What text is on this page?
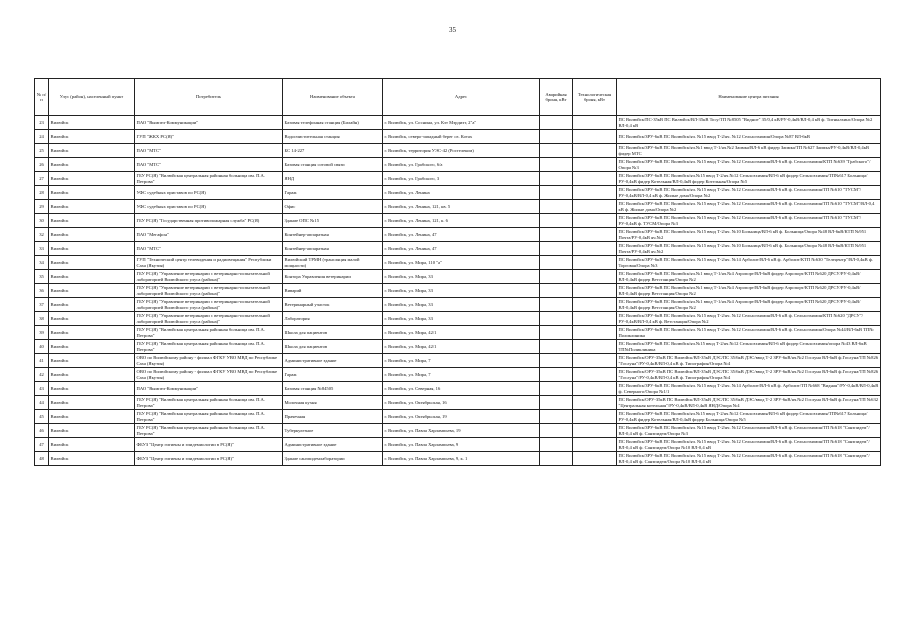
35
№ п/п	Улус (район), населенный пункт	Потребитель	Наименование объекта	Адрес	Аварийная броня, кВт	Технологическая броня, кВт	Наименование центра питания
23	Вилюйск	ПАО "Вымпел-Коммуникации"	Базовая телефонная станция (Билайн)	г. Вилюйск, ул. Соснина, ул. Кэт Мэрдиэт, 2"а"			ПС Вилюйск/ПС-35кВ ПС Вилюйск/ВЛ-35кВ Тосу/ТП №8505 "Видное" 35/0,4 кВ/РУ-0,4кВ/ВЛ-0,4 кВ ф. Тигнылхинс/Опора №2 ВЛ-0,4 кВ
24	Вилюйск	ГУП "ЖКХ РС(Я)"	Водоочистительная станция	г. Вилюйск, северо-западный берег оз. Котах			ПС Вилюйск/ЗРУ-6кВ ПС Вилюйск/яч. №15 ввод Т-2/яч. №12 Сельхозхимия/Опора №87 ВЛ-6кВ
25	Вилюйск	ПАО "МТС"	БС 14-227	г. Вилюйск, территория УЭС-42 (Ростелеком)			ПС Вилюйск/ЗРУ-6кВ ПС Вилюйск/яч.№1 ввод Т-1/яч.№2 Заимка/ВЛ-6 кВ фидер Заимка/ТП №627 Заимка/РУ-0,4кВ/ВЛ-0,4кВ фидер МТС
26	Вилюйск	ПАО "МТС"	Базовая станция сотовой связи	г. Вилюйск, ул. Грабского, 6/а			ПС Вилюйск/ЗРУ-6кВ ПС Вилюйск/яч. №15 ввод Т-2/яч. №12 Сельхозхимия/ВЛ-6 кВ ф. Сельхозхимия/КТП №639 "Грабского"/Опора №3
27	Вилюйск	ГБУ РС(Я) "Вилюйская центральная районная больница им. П.А. Петрова"	ЯНД	г. Вилюйск, ул. Грабского, 3			ПС Вилюйск/ЗРУ-6кВ ПС Вилюйск/яч.№15 ввод Т-2/яч.№12 Сельхозхимия/ВЛ-6 кВ фидер Сельхозхимия/ТП№617 Больница/РУ-0,4кВ фидер Котельная/ВЛ-0,4кВ фидер Котельная/Опора №5
28	Вилюйск	УФС судебных приставов по РС(Я)	Гараж	г. Вилюйск, ул. Ленина			ПС Вилюйск/ЗРУ-6кВ ПС Вилюйск/яч. №15 ввод Т-2/яч. №12 Сельхозхимия/ВЛ-6 кВ ф. Сельхозхимия/ТП №610 "ТУСМ"/РУ-0,4кВ/ВЛ-0,4 кВ ф. Жилые дома/Опора №2
29	Вилюйск	УФС судебных приставов по РС(Я)	Офис	г. Вилюйск, ул. Ленина, 121, кв. 5			ПС Вилюйск/ЗРУ-6кВ ПС Вилюйск/яч. №15 ввод Т-2/яч. №12 Сельхозхимия/ВЛ-6 кВ ф. Сельхозхимия/ТП №610 "ТУСМ"/ВЛ-0,4 кВ ф. Жилые дома/Опора №2
30	Вилюйск	ГБУ РС(Я) "Государственная противопожарная служба" РС(Я)	Здание ОПС №15	г. Вилюйск, ул. Ленина, 121, к. 6			ПС Вилюйск/ЗРУ-6кВ ПС Вилюйск/яч. №15 ввод Т-2/яч. №12 Сельхозхимия/ВЛ-6 кВ ф. Сельхозхимия/ТП №610 "ТУСМ"/РУ-0,4кВ ф. ТУСМ/Опора №3
32	Вилюйск	ПАО "Мегафон"	Контейнер-аппаратная	г. Вилюйск, ул. Ленина, 47			ПС Вилюйск/ЗРУ-6кВ ПС Вилюйск/яч. №15 ввод Т-2/яч. №10 Больница/ВЛ-6 кВ ф. Больница/Опора №48 ВЛ-6кВ/КТП №951 Почта/РУ-0,4кВ яч.№2
33	Вилюйск	ПАО "МТС"	Контейнер-аппаратная	г. Вилюйск, ул. Ленина, 47			ПС Вилюйск/ЗРУ-6кВ ПС Вилюйск/яч. №15 ввод Т-2/яч. №10 Больница/ВЛ-6 кВ ф. Больница/Опора №48 ВЛ-6кВ/КТП №951 Почта/РУ-0,4кВ яч.№2
34	Вилюйск	ГУП "Технический центр телевидения и радиовещания" Республики Саха (Якутия)	Вилюйский ТРМН (трансляция малой мощности)	г. Вилюйск, ул. Мира, 110 "а"			ПС Вилюйск/ЗРУ-6кВ ПС Вилюйск/яч. №15 ввод Т-2/яч. №14 Арболит/ВЛ-6 кВ ф. Арболит/КТП №630 "Телецентр"/ВЛ-0,4кВ ф. Торговая/Опора №3
35	Вилюйск	ГБУ РС(Я) "Управление ветеринарии с ветеринарно-испытательной лабораторией Вилюйского улуса (района)"	Контора Управления ветеринарии	г. Вилюйск, ул. Мира, 33			ПС Вилюйск/ЗРУ-6кВ ПС Вилюйск/яч.№1 ввод Т-1/яч.№4 Аэропорт/ВЛ-6кВ фидер Аэропорт/КТП №620 ДРСУ/РУ-0,4кВ/ВЛ-0,4кВ фидер Ветстанция/Опора №2
36	Вилюйск	ГБУ РС(Я) "Управление ветеринарии с ветеринарно-испытательной лабораторией Вилюйского улуса (района)"	Виварий	г. Вилюйск, ул. Мира, 33			ПС Вилюйск/ЗРУ-6кВ ПС Вилюйск/яч.№1 ввод Т-1/яч.№4 Аэропорт/ВЛ-6кВ фидер Аэропорт/КТП №620 ДРСУ/РУ-0,4кВ/ВЛ-0,4кВ фидер Ветстанция/Опора №2
37	Вилюйск	ГБУ РС(Я) "Управление ветеринарии с ветеринарно-испытательной лабораторией Вилюйского улуса (района)"	Ветеринарный участок	г. Вилюйск, ул. Мира, 33			ПС Вилюйск/ЗРУ-6кВ ПС Вилюйск/яч.№1 ввод Т-1/яч.№4 Аэропорт/ВЛ-6кВ фидер Аэропорт/КТП №620 ДРСУ/РУ-0,4кВ/ВЛ-0,4кВ фидер Ветстанция/Опора №2
38	Вилюйск	ГБУ РС(Я) "Управление ветеринарии с ветеринарно-испытательной лабораторией Вилюйского улуса (района)"	Лаборатория	г. Вилюйск, ул. Мира, 33			ПС Вилюйск/ЗРУ-6кВ ПС Вилюйск/яч. №15 ввод Т-2/яч. №12 Сельхозхимия/ВЛ-6 кВ ф. Сельхозхимия/КТП №620 "ДРСУ"/РУ-0,4кВ/ВЛ-0,4 кВ ф. Ветстанция/Опора №2
39	Вилюйск	ГБУ РС(Я) "Вилюйская центральная районная больница им. П.А. Петрова"	Школа для пациентов	г. Вилюйск, ул. Мира, 42/1			ПС Вилюйск/ЗРУ-6кВ ПС Вилюйск/яч. №15 ввод Т-2/яч. №12 Сельхозхимия/ВЛ-6 кВ ф. Сельхозхимия/Опора №44/ВЛ-6кВ ТП№ Поликлиника
40	Вилюйск	ГБУ РС(Я) "Вилюйская центральная районная больница им. П.А. Петрова"	Школа для пациентов	г. Вилюйск, ул. Мира, 42/1			ПС Вилюйск/ЗРУ-6кВ ПС Вилюйск/яч.№15 ввод Т-2/яч.№12 Сельхозхимия/ВЛ-6 кВ фидер Сельхозхимия/опора №43 ВЛ-6кВ ТП№Поликлиника
41	Вилюйск	ОВО по Вилюйскому району - филиал ФГКУ УВО МВД по Республике Саха (Якутия)	Административное здание	г. Вилюйск, ул. Мира, 7			ПС Вилюйск/ОРУ-35кВ ПС Вилюйск/ВЛ-35кВ ДЭС/ПС 35/6кВ ДЭС/ввод Т-2 ЗРУ-6кВ/яч.№2 Гослуна ВЛ-6кВ ф.Гослуна/ТП №826 "Гослуна"/РУ-0,4кВ/ВЛ-0,4 кВ ф. Типография/Опора №4
42	Вилюйск	ОВО по Вилюйскому району - филиал ФГКУ УВО МВД по Республике Саха (Якутия)	Гараж	г. Вилюйск, ул. Мира, 7			ПС Вилюйск/ОРУ-35кВ ПС Вилюйск/ВЛ-35кВ ДЭС/ПС 35/6кВ ДЭС/ввод Т-2 ЗРУ-6кВ/яч.№2 Гослуна ВЛ-6кВ ф.Гослуна/ТП №826 "Гослуна"/РУ-0,4кВ/ВЛ-0,4 кВ ф. Типография/Опора №4
43	Вилюйск	ПАО "Вымпел-Коммуникации"	Базовая станция №84505	г. Вилюйск, ул. Северная, 16			ПС Вилюйск/ЗРУ-6кВ ПС Вилюйск/яч. №15 ввод Т-2/яч. №14 Арболит/ВЛ-6 кВ ф. Арболит/ТП №668 "Видная"/РУ-0,4кВ/ВЛ-0,4кВ ф. Северного/Опора №1/1
44	Вилюйск	ГБУ РС(Я) "Вилюйская центральная районная больница им. П.А. Петрова"	Молочная кухня	г. Вилюйск, ул. Октябрьская, 16			ПС Вилюйск/ОРУ-35кВ ПС Вилюйск/ВЛ-35кВ ДЭС/ПС 35/6кВ ДЭС/ввод Т-2 ЗРУ-6кВ/яч.№2 Гослуна ВЛ-6кВ ф.Гослуна/ТП №632 "Центральная котельная"/РУ-0,4кВ/ВЛ-0,4кВ ЯНД/Опора №4
45	Вилюйск	ГБУ РС(Я) "Вилюйская центральная районная больница им. П.А. Петрова"	Прачечная	г. Вилюйск, ул. Октябрьская, 19			ПС Вилюйск/ЗРУ-6кВ ПС Вилюйск/яч.№15 ввод Т-2/яч.№12 Сельхозхимия/ВЛ-6 кВ фидер Сельхозхимия/ТП№617 Больница/РУ-0,4кВ фидер Котельная/ВЛ-0,4кВ фидер Больница/Опора №5
46	Вилюйск	ГБУ РС(Я) "Вилюйская центральная районная больница им. П.А. Петрова"	Туберкулезное	г. Вилюйск, ул. Павла Харлампьева, 19			ПС Вилюйск/ЗРУ-6кВ ПС Вилюйск/яч. №15 ввод Т-2/яч. №12 Сельхозхимия/ВЛ-6 кВ ф. Сельхозхимия/ТП №618 "Санэпидем"/ВЛ-0,4 кВ ф. Санэпидем/Опора №3
47	Вилюйск	ФБУЗ "Центр гигиены и эпидемиологии в РС(Я)"	Административное здание	г. Вилюйск, ул. Павла Харлампьева, 9			ПС Вилюйск/ЗРУ-6кВ ПС Вилюйск/яч. №15 ввод Т-2/яч. №12 Сельхозхимия/ВЛ-6 кВ ф. Сельхозхимия/ТП №618 "Санэпидем"/ВЛ-0,4 кВ ф. Санэпидем/Опора №10 ВЛ-0,4 кВ
48	Вилюйск	ФБУЗ "Центр гигиены и эпидемиологии в РС(Я)"	Здание санэпидемлаборатории	г. Вилюйск, ул. Павла Харлампьева, 9, к. 1			ПС Вилюйск/ЗРУ-6кВ ПС Вилюйск/яч. №15 ввод Т-2/яч. №12 Сельхозхимия/ВЛ-6 кВ ф. Сельхозхимия/ТП №618 "Санэпидем"/ВЛ-0,4 кВ ф. Санэпидем/Опора №10 ВЛ-0,4 кВ
